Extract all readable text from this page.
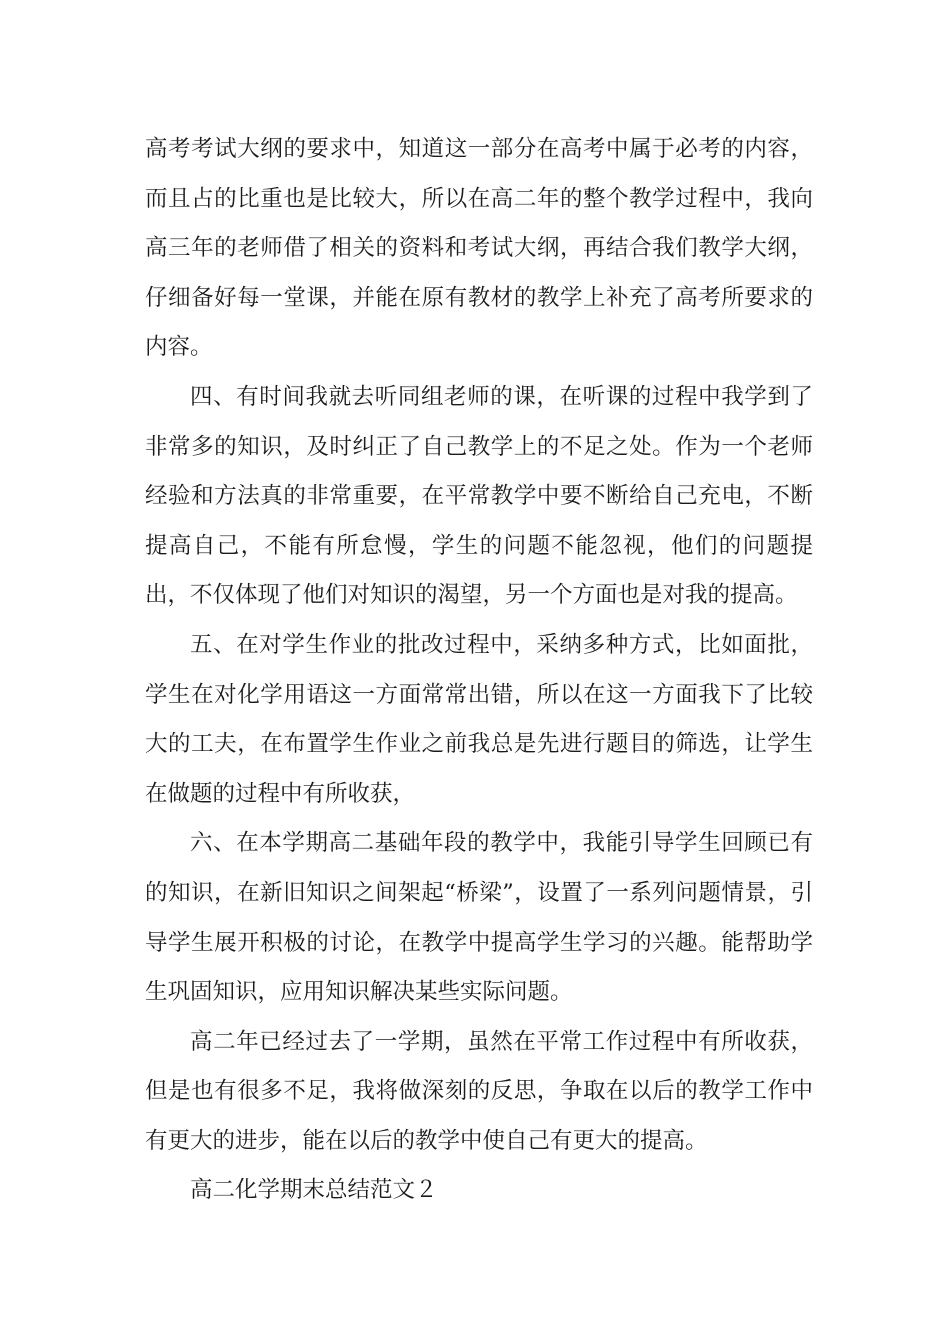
高考考试大纲的要求中，知道这一部分在高考中属于必考的内容，而且占的比重也是比较大，所以在高二年的整个教学过程中，我向高三年的老师借了相关的资料和考试大纲，再结合我们教学大纲，仔细备好每一堂课，并能在原有教材的教学上补充了高考所要求的内容。

四、有时间我就去听同组老师的课，在听课的过程中我学到了非常多的知识，及时纠正了自己教学上的不足之处。作为一个老师经验和方法真的非常重要，在平常教学中要不断给自己充电，不断提高自己，不能有所怠慢，学生的问题不能忽视，他们的问题提出，不仅体现了他们对知识的渴望，另一个方面也是对我的提高。

五、在对学生作业的批改过程中，采纳多种方式，比如面批，学生在对化学用语这一方面常常出错，所以在这一方面我下了比较大的工夫，在布置学生作业之前我总是先进行题目的筛选，让学生在做题的过程中有所收获，

六、在本学期高二基础年段的教学中，我能引导学生回顾已有的知识，在新旧知识之间架起“桥梁”，设置了一系列问题情景，引导学生展开积极的讨论，在教学中提高学生学习的兴趣。能帮助学生巩固知识，应用知识解决某些实际问题。

高二年已经过去了一学期，虽然在平常工作过程中有所收获，但是也有很多不足，我将做深刻的反思，争取在以后的教学工作中有更大的进步，能在以后的教学中使自己有更大的提高。

高二化学期末总结范文２
